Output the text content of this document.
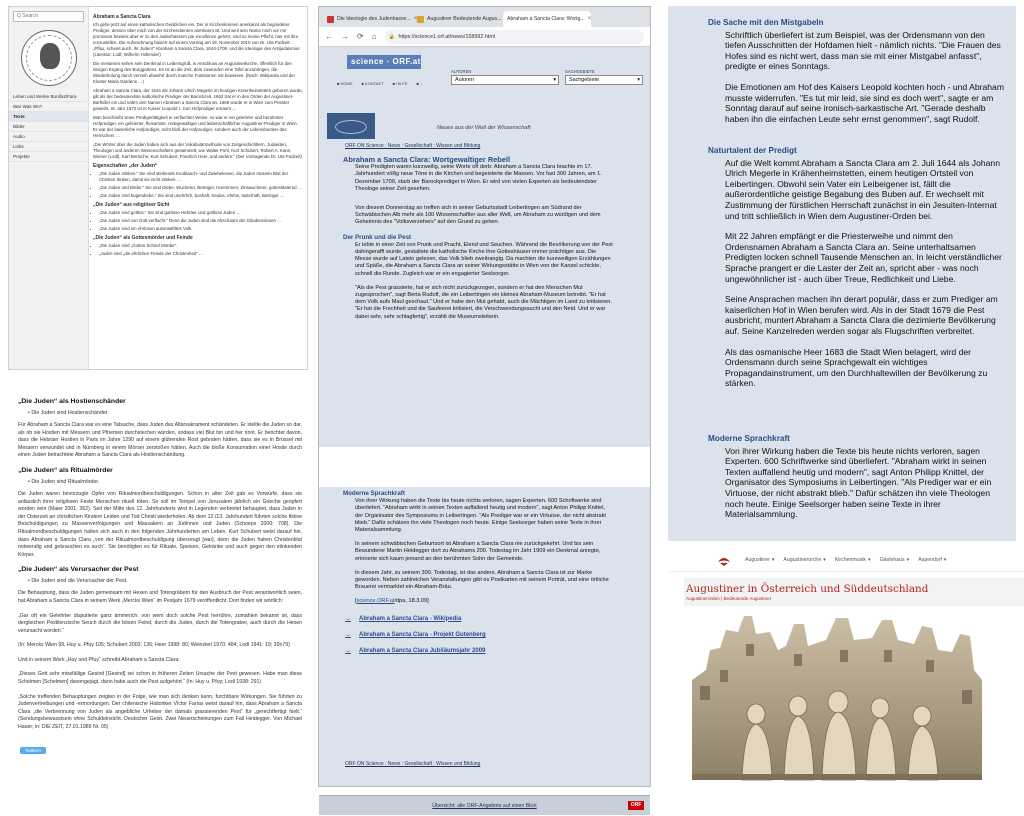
Q Search
Leben und Werke Bonifaz/Fara
War Was Wo?
Texte
Bilder
Audio
Links
Projekte
Abraham a Sancta Clara

Ich gehe jetzt auf einen katholischen Geistlichen ein. Der in Kirchenkreisen anerkannt als begnadeter Prediger, dessen über mich von der Kirchendienern anerkannt ist. Und weil sein Name noch vor mir prominent beweist aber er zu den Judenhassern par excellence gehört, sind so meine Pflicht, hier mit ihm vorzustellen. Die Aufzeichnung basiert auf einem Vortrag am 19. November 2010 von Dr. Uta Podzeit: „Pflux, scheint auch, ihr Juden!“ Abraham a Sancta Clara, 1644-1709, und die Ideologie des Antijudaismus (Literatur: Lodl; Wilhelm Hollender)

Die meisteren sehen sein Denkmal in Leibersgrüß, in Anschluss an Augustinerkirche, öffentlich für den übrigen Ergang des Burggartens. Es ist an die Zeit, dem zuwenden eine Tafel anzubringen, die Wiederholung durch verzeih abwehrt durch manche Funktionen mit beweisen. (Nach: Wikipedia und der Kloster Maria Gardens …)

Abraham a Sancta Clara, der 1644 als Johann Ulrich Megerle im heutigen Kreenheinstetten geboren wurde, gilt als der bedeutendste katholische Prediger der Barockzeit. 1662 trat er in den Orden der Augustiner-Barfüßer ein und nahm den Namen Abraham a Sancta Clara an. 1666 wurde er in Wien zum Priester geweiht. Im Jahr 1672 ist er Kaiser Leopold I. zum Hofprediger ernannt …

Man beschreibt seine Predigertätigkeit in verfluchter Weise: so war er ein gelehrter und berühmter Hofprediger, ein gefeierter, fleisamste, redegewaltiger und leidenschaftlicher Augustiner-Prediger in Wien. Er war der kaiserliche Hofprediger, nicht bloß der Hofprediger, sondern auch der Lebensberater des Herrschers …

„Die Wörter über die Juden haben sich aus der Vokabulärmethode von Zeitgeschichtlern, Judaisten, Theologen und anderen Wissenschaftern gesammelt, wie Walter Pohl, Kurt Schubert, Robert A. Kann, Wiener (Lodl), Karl Bertsche, Kurt Schubert, Friedrich Heer, und andere.“ (Der Vortragende Dr. Uta Podzeit)

Eigenschaften „der Juden“
• „Die Juden stinken.“ Sie sind stinkende Knoblauch- und Zwiebelesser, die Juden müssen Blut der Christen trinken, damit sie nicht stinken …
• „Die Juden und Diebe.“ Sie sind Diebe, Wucherer, Betrüger, Hurerinnen, Zinswucherer, gotteslästernd …
• „Die Juden sind hugendiebe.“ Sie sind unehrlich, boshaft, treulos, ehrlos, lasterhaft, Betrüger …
„Die Juden“ aus religiöser Sicht
• „Die Juden sind gottlos.“ Sie sind gottlose Hebräer und gottlose Juden …
• „Die Juden sind von Gott verflucht.“ Denn die Juden sind die Abschaum der Glaubenslosen …
• „Die Juden sind ein ehrlosen auserwähltes Volk.
„Die Juden“ als Gottesmörder und Feinde
• „Die Juden sind „Gottes Schind Mörder“.
• „Juden sind „die ehrlichen Feinde der Christenheit“ …
„Die Juden“ als Hostienschänder
• Die Juden sind Hostienschänder.

Für Abraham a Sancta Clara war es eine Tatsache, dass Juden das Altarsakrament schändeten. Er stellte die Juden so dar, als ob sie Hostien mit Messern und Pfriemen durchstechen würden, sodass viel Blut hin und her rinnt. Er berichtet davon, dass die Hebräer Hostien in Paris im Jahre 1290 auf einem glühenden Rost gebraten hätten, dass sie es in Brüssel mit Messern verwundet und in Nürnberg in einem Mörser zerstoßen hätten. Auch die bloße Konsumation einer Hostie durch einen Juden betrachtete Abraham a Sancta Clara als Hostienschändung.

„Die Juden“ als Ritualmörder
• Die Juden sind Ritualmörder.

Die Juden waren bevorzugte Opfer von Ritualmordbeschuldigungen. Schon in alter Zeit gab es Vorwürfe, dass sie anlässlich ihrer religiösen Feste Menschen rituell töten. So soll im Tempel von Jerusalem jährlich ein Grieche geopfert worden sein (Maier 2001: 362). Seit der Mitte des 12. Jahrhunderts wird in Legenden verbreitet behauptet, dass Juden in der Osterzeit an christlichen Kindern Leiden und Tod Christi wiederholen. Ab dem 12./13. Jahrhundert führten solche fiktive Beschuldigungen zu Massenverfolgungen und Massakern an Jüdinnen und Juden (Schoeps 2000: 708). Die Ritualmordbeschuldigungen halten sich auch in den folgenden Jahrhunderten am Leben. Kurt Schubert weist darauf hin, dass Abraham a Sancta Clara „von der Ritualmordbeschuldigung überzeugt [war], denn die Juden haben Christenblut notwendig und gebrauchen es auch“. Sie benötigten es für Rituale, Speisen, Getränke und auch gegen den stinkenden Körper.

„Die Juden“ als Verursacher der Pest
• Die Juden sind die Verursacher der Pest.

Die Behauptung, dass die Juden gemeinsam mit Hexen und Totengräbern für den Ausbruch der Pest verantwortlich seien, hat Abraham a Sancta Clara in seinem Werk „Mercks Wien“ im Pestjahr 1679 veröffentlicht. Dort finden wir wörtlich:

„Gar oft ein Gelehrter disputierte ganz ämmerich, von wem doch solche Pest herrühre, zumahlen bekannt ist, dass dergleichen Pestilenzische Seuch durch die bösen Feind, durch die Juden, durch die Totengraber, auch durch die Hexen verursacht worden.“

(In: Mercks Wien 99, Huy u. Pfuy 105; Schubert 2003: 136; Heer 1998: 80; Weinzierl 1970: 484; Lodl 1941: 19; 30n79)

Und in seinem Werk „Huy und Pfuy“ schreibt Abraham a Sancta Clara:

„Dieses Gott sehr missfällige Gesind [Gesind] sei schon in früheren Zeiten Ursache der Pest gewesen. Habe man diese Schelmen [Schelmen] davongejagt, dann habe auch die Pest aufgehört.“ (In: Huy u. Pfuy; Lodl 1938: 291)

„Solche treffenden Behauptungen zeigten in der Folge, wie man sich denken kann, furchtbare Wirkungen. Sie führten zu Judenvertreibungen und -ermordungen. Der chilenische Historiker Víctor Farías weist darauf hin, dass Abraham a Sancta Clara „die Verbrennung von Juden als angebliche Urheber der damals grassierenden Pest“ für „gerechtfertigt hielt.“ (Sendungsbewusstsein ohne Schuldeinsicht. Deutscher Geist. Zwei Neuerscheinungen zum Fall Heidegger. Von Michael Hauer; in: DIE ZEIT, 27.01.1989 Nr. 05)

Twittern
Die Ideologie des Judenhasse... × Augustiner Bedeutende Augus... Abraham a Sancta Clara: Wortg... ×
← → ⟳ ⌂
🔒	https://science1.orf.at/news/158992.html
science · ORF.at
■ HOME ■ KONTAKT ■ HILFE ■ ...
AUTOREN
Autoren	▾
SACHGEBIETE
Sachgebiete	▾
Neues aus der Welt der Wissenschaft
ORF ON Science : News : Gesellschaft : Wissen und Bildung
Abraham a Sancta Clara: Wortgewaltiger Rebell

Seine Predigten waren kurzweilig, seine Worte oft derb: Abraham a Sancta Clara brachte im 17. Jahrhundert völlig neue Töne in die Kirchen und begeisterte die Massen. Vor fast 300 Jahren, am 1. Dezember 1709, starb der Barockprediger in Wien. Er wird von vielen Experten als bedeutendster Theologe seiner Zeit gesehen.

Von diesem Donnerstag an treffen sich in seiner Geburtsstadt Leibertingen am Südrand der Schwäbischen Alb mehr als 100 Wissenschaftler aus aller Welt, um Abraham zu würdigen und dem Geheimnis des "Volksverzehers" auf den Grund zu gehen.

Der Prunk und die Pest

Er lebte in einer Zeit von Prunk und Pracht, Elend und Seuchen. Während die Bevölkerung von der Pest dahingerafft wurde, gestaltete die katholische Kirche ihre Gotteshäuser immer prächtiger aus. Die Messe wurde auf Latein gelesen, das Volk blieb zweitrangig. Da machten die kurzweiligen Erzählungen und Späße, die Abraham a Sancta Clara an seiner Wirkungsstätte in Wien von der Kanzel schickte, schnell die Runde. Zugleich war er ein engagierter Seelsorger.

"Als die Pest grassierte, hat er sich nicht zurückgezogen, sondern er hat den Menschen Mut zugesprochen", sagt Berta Rudolf, die ein Leibertingen ein kleines Abraham-Museum betreibt. "Er hat dem Volk aufs Maul geschaut." Und er habe den Mut gehabt, auch die Mächtigen im Land zu kritisieren. "Er hat die Frechheit und die Saufeerei kritisiert, die Verschwendungssucht und den Neid. Und er war dabei sehr, sehr schlagfertig", erzählt die Museumsleiterin.

Moderne Sprachkraft

Von ihrer Wirkung haben die Texte bis heute nichts verloren, sagen Experten. 600 Schriftwerke sind überliefert. "Abraham wirkt in seinen Texten auffallend heutig und modern", sagt Anton Philipp Knittel, der Organisator des Symposiums in Leibertingen. "Als Prediger war er ein Virtuose, der nicht abstrakt blieb." Dafür schätzen ihn viele Theologen noch heute. Einige Seelsorger haben seine Texte in ihrer Materialsammlung.

In seinem schwäbischen Geburtsort ist Abraham a Sancta Clara nie zurückgekehrt. Und bis sein Bewunderer Martin Heidegger dort zu Abrahams 200. Todestag im Jahr 1909 ein Denkmal anregte, erinnerte sich kaum jemand an den berühmten Sohn der Gemeinde.

In diesem Jahr, zu seinem 300. Todestag, ist das anders. Abraham a Sancta Clara ist zur Marke geworden. Neben zahlreichen Veranstaltungen gibt es Postkarten mit seinem Porträt, und eine örtliche Brauerei vermarktet ein Abraham-Bräu.

[science.ORF.at/dpa, 18.3.09]
→ Abraham a Sancta Clara - Wikipedia
→ Abraham a Sancta Clara - Projekt Gutenberg
→ Abraham a Sancta Clara Jubiläumsjahr 2009
ORF ON Science : News : Gesellschaft : Wissen und Bildung
Übersicht: alle ORF-Angebote auf einen Blick	ORF
Die Sache mit den Mistgabeln

Schriftlich überliefert ist zum Beispiel, was der Ordensmann von den tiefen Ausschnitten der Hofdamen hielt - nämlich nichts. "Die Frauen des Hofes sind es nicht wert, dass man sie mit einer Mistgabel anfasst", predigte er eines Sonntags.

Die Emotionen am Hof des Kaisers Leopold kochten hoch - und Abraham musste widerrufen. "Es tut mir leid, sie sind es doch wert", sagte er am Sonntag darauf auf seine ironisch-sarkastische Art. "Gerade deshalb haben ihn die einfachen Leute sehr ernst genommen", sagt Rudolf.

Naturtalent der Predigt

Auf die Welt kommt Abraham a Sancta Clara am 2. Juli 1644 als Johann Ulrich Megerle in Krähenheimstetten, einem heutigen Ortsteil von Leibertingen. Obwohl sein Vater ein Leibeigener ist, fällt die außerordentliche geistige Begabung des Buben auf. Er wechselt mit Zustimmung der fürstlichen Herrschaft zunächst in ein Jesuiten-Internat und tritt schließlich in Wien dem Augustiner-Orden bei.

Mit 22 Jahren empfängt er die Priesterweihe und nimmt den Ordensnamen Abraham a Sancta Clara an. Seine unterhaltsamen Predigten locken schnell Tausende Menschen an. In leicht verständlicher Sprache prangert er die Laster der Zeit an, spricht aber - was noch ungewöhnlicher ist - auch über Treue, Redlichkeit und Liebe.

Seine Ansprachen machen ihn derart populär, dass er zum Prediger am kaiserlichen Hof in Wien berufen wird. Als in der Stadt 1679 die Pest ausbricht, muntert Abraham a Sancta Clara die dezimierte Bevölkerung auf. Seine Kanzelreden werden sogar als Flugschriften verbreitet.

Als das osmanische Heer 1683 die Stadt Wien belagert, wird der Ordensmann durch seine Sprachgewalt ein wichtiges Propagandainstrument, um den Durchhaltewillen der Bevölkerung zu stärken.

Moderne Sprachkraft

Von ihrer Wirkung haben die Texte bis heute nichts verloren, sagen Experten. 600 Schriftwerke sind überliefert. "Abraham wirkt in seinen Texten auffallend heutig und modern", sagt Anton Philipp Knittel, der Organisator des Symposiums in Leibertingen. "Als Prediger war er ein Virtuose, der nicht abstrakt blieb." Dafür schätzen ihn viele Theologen noch heute. Einige Seelsorger haben seine Texte in ihrer Materialsammlung.

Augustiner ▾ Augustinerorche ▾ Kirchenmusik ▾ Gästehaus ▾ Aspendorf ▾
Augustiner in Österreich und Süddeutschland
Augustinerorden | Bedeutende Augustiner
